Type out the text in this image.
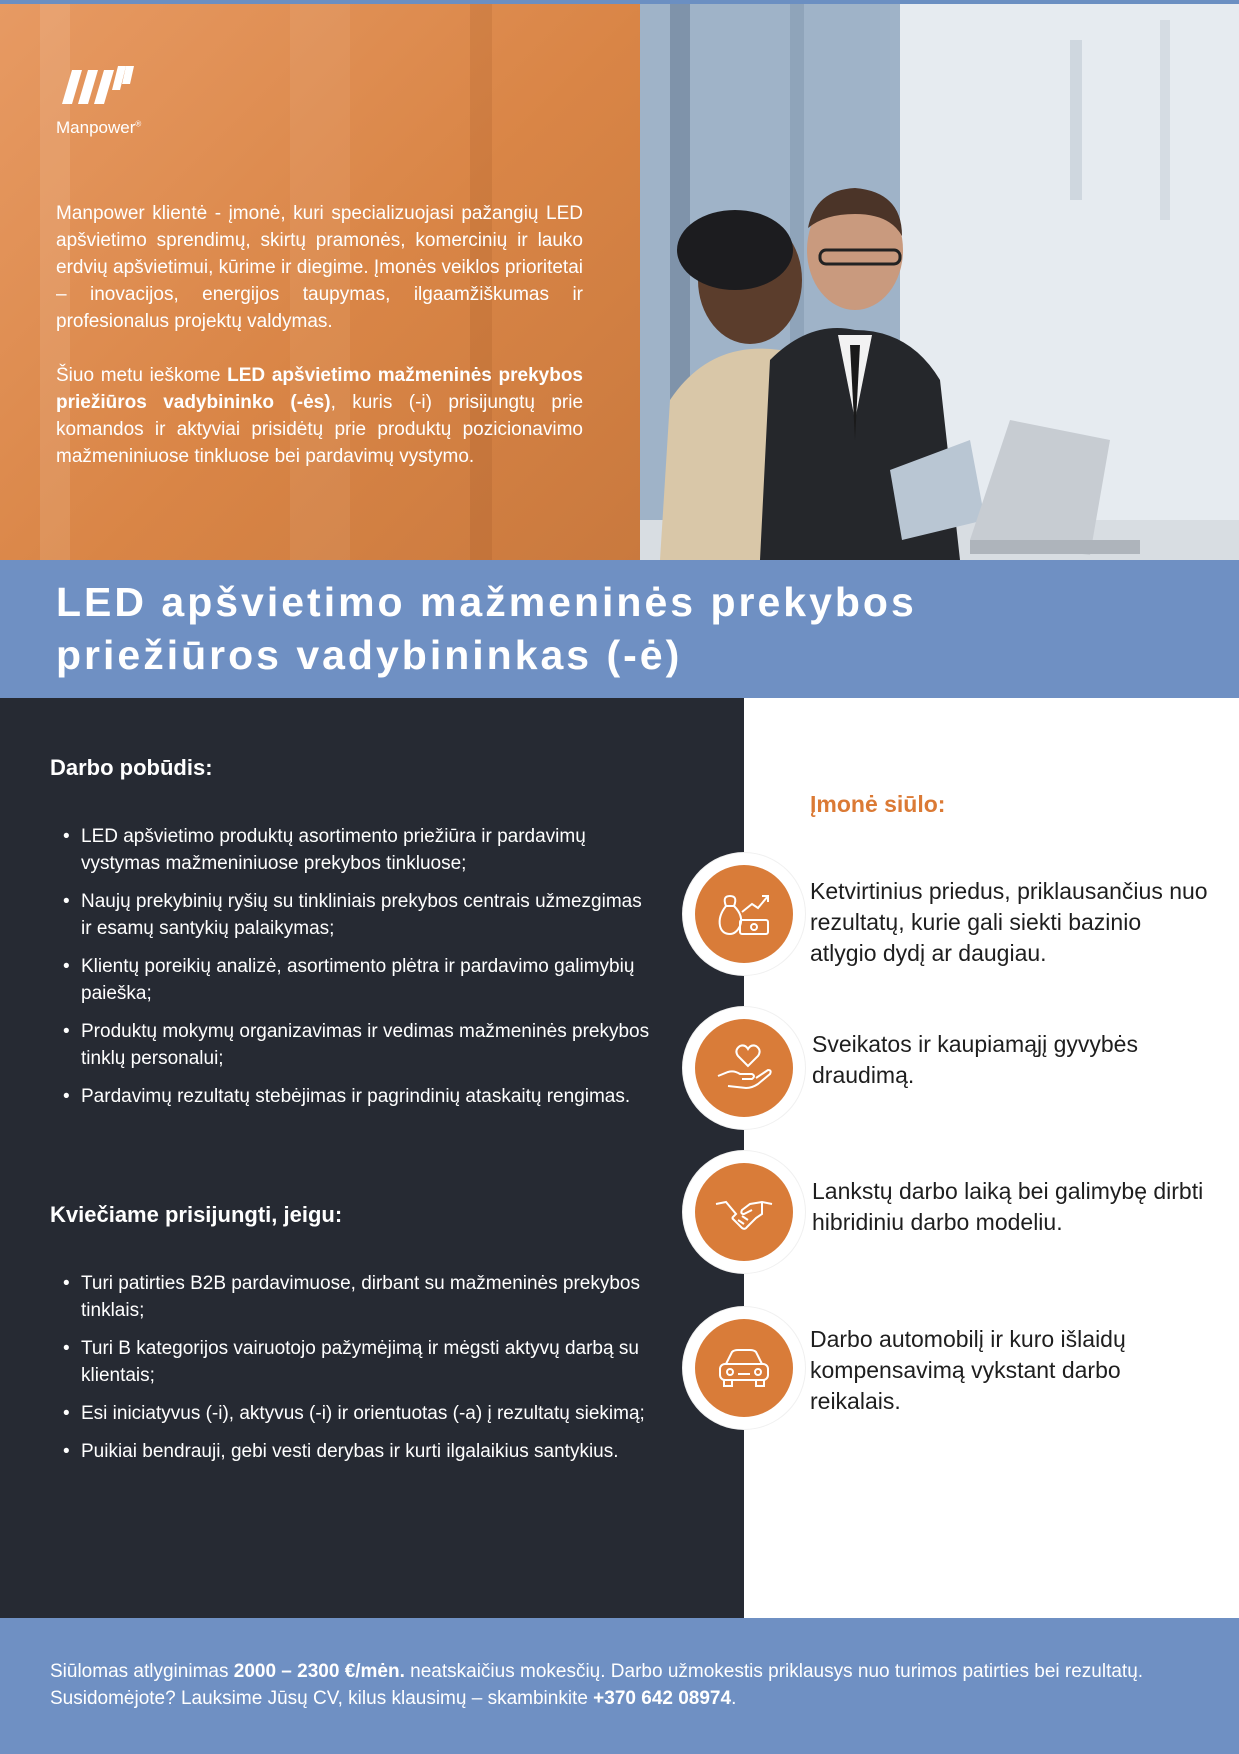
Manpower®

Manpower klientė - įmonė, kuri specializuojasi pažangių LED apšvietimo sprendimų, skirtų pramonės, komercinių ir lauko erdvių apšvietimui, kūrime ir diegime. Įmonės veiklos prioritetai – inovacijos, energijos taupymas, ilgaamžiškumas ir profesionalus projektų valdymas.

Šiuo metu ieškome LED apšvietimo mažmeninės prekybos priežiūros vadybininko (-ės), kuris (-i) prisijungtų prie komandos ir aktyviai prisidėtų prie produktų pozicionavimo mažmeniniuose tinkluose bei pardavimų vystymo.

LED apšvietimo mažmeninės prekybos
priežiūros vadybininkas (-ė)
Darbo pobūdis:
• LED apšvietimo produktų asortimento priežiūra ir pardavimų vystymas mažmeniniuose prekybos tinkluose;
• Naujų prekybinių ryšių su tinkliniais prekybos centrais užmezgimas ir esamų santykių palaikymas;
• Klientų poreikių analizė, asortimento plėtra ir pardavimo galimybių paieška;
• Produktų mokymų organizavimas ir vedimas mažmeninės prekybos tinklų personalui;
• Pardavimų rezultatų stebėjimas ir pagrindinių ataskaitų rengimas.
Kviečiame prisijungti, jeigu:
• Turi patirties B2B pardavimuose, dirbant su mažmeninės prekybos tinklais;
• Turi B kategorijos vairuotojo pažymėjimą ir mėgsti aktyvų darbą su klientais;
• Esi iniciatyvus (-i), aktyvus (-i) ir orientuotas (-a) į rezultatų siekimą;
• Puikiai bendrauji, gebi vesti derybas ir kurti ilgalaikius santykius.
Įmonė siūlo:
Ketvirtinius priedus, priklausančius nuo rezultatų, kurie gali siekti bazinio atlygio dydį ar daugiau.
Sveikatos ir kaupiamąjį gyvybės draudimą.
Lankstų darbo laiką bei galimybę dirbti hibridiniu darbo modeliu.
Darbo automobilį ir kuro išlaidų kompensavimą vykstant darbo reikalais.
Siūlomas atlyginimas 2000 – 2300 €/mėn. neatskaičius mokesčių. Darbo užmokestis priklausys nuo turimos patirties bei rezultatų. Susidomėjote? Lauksime Jūsų CV, kilus klausimų – skambinkite +370 642 08974.
